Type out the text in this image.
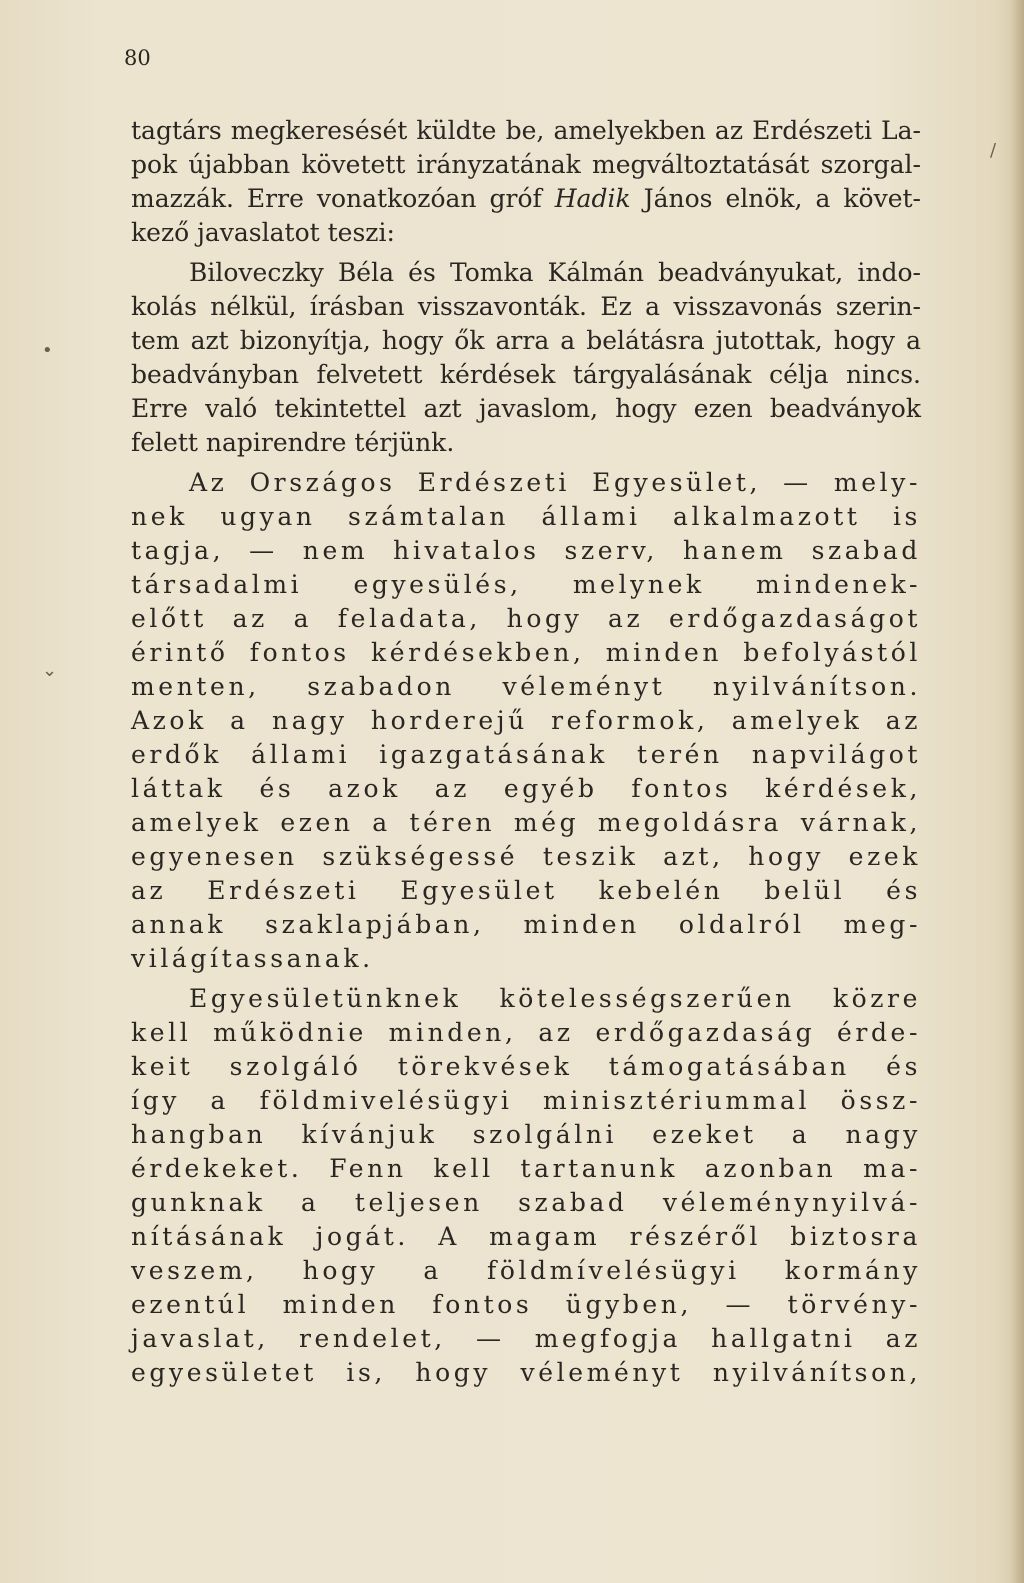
80
•
⌄
/
tagtárs megkeresését küldte be, amelyekben az Erdészeti La-
pok újabban követett irányzatának megváltoztatását szorgal-
mazzák. Erre vonatkozóan gróf Hadik János elnök, a követ-
kező javaslatot teszi:
Biloveczky Béla és Tomka Kálmán beadványukat, indo-
kolás nélkül, írásban visszavonták. Ez a visszavonás szerin-
tem azt bizonyítja, hogy ők arra a belátásra jutottak, hogy a
beadványban felvetett kérdések tárgyalásának célja nincs.
Erre való tekintettel azt javaslom, hogy ezen beadványok
felett napirendre térjünk.
Az Országos Erdészeti Egyesület, — mely-
nek ugyan számtalan állami alkalmazott is
tagja, — nem hivatalos szerv, hanem szabad
társadalmi egyesülés, melynek mindenek-
előtt az a feladata, hogy az erdőgazdaságot
érintő fontos kérdésekben, minden befolyástól
menten, szabadon véleményt nyilvánítson.
Azok a nagy horderejű reformok, amelyek az
erdők állami igazgatásának terén napvilágot
láttak és azok az egyéb fontos kérdések,
amelyek ezen a téren még megoldásra várnak,
egyenesen szükségessé teszik azt, hogy ezek
az Erdészeti Egyesület kebelén belül és
annak szaklapjában, minden oldalról meg-
világítassanak.
Egyesületünknek kötelességszerűen közre
kell működnie minden, az erdőgazdaság érde-
keit szolgáló törekvések támogatásában és
így a földmivelésügyi minisztériummal össz-
hangban kívánjuk szolgálni ezeket a nagy
érdekeket. Fenn kell tartanunk azonban ma-
gunknak a teljesen szabad véleménynyilvá-
nításának jogát. A magam részéről biztosra
veszem, hogy a földmívelésügyi kormány
ezentúl minden fontos ügyben, — törvény-
javaslat, rendelet, — megfogja hallgatni az
egyesületet is, hogy véleményt nyilvánítson,
